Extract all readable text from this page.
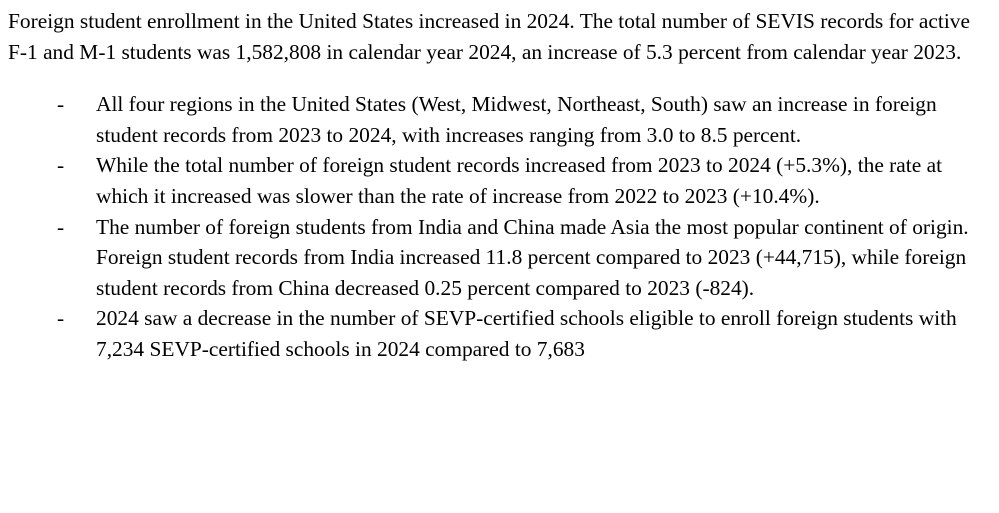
Foreign student enrollment in the United States increased in 2024. The total number of SEVIS records for active F-1 and M-1 students was 1,582,808 in calendar year 2024, an increase of 5.3 percent from calendar year 2023.

- All four regions in the United States (West, Midwest, Northeast, South) saw an increase in foreign student records from 2023 to 2024, with increases ranging from 3.0 to 8.5 percent.
- While the total number of foreign student records increased from 2023 to 2024 (+5.3%), the rate at which it increased was slower than the rate of increase from 2022 to 2023 (+10.4%).
- The number of foreign students from India and China made Asia the most popular continent of origin. Foreign student records from India increased 11.8 percent compared to 2023 (+44,715), while foreign student records from China decreased 0.25 percent compared to 2023 (-824).
- 2024 saw a decrease in the number of SEVP-certified schools eligible to enroll foreign students with 7,234 SEVP-certified schools in 2024 compared to 7,683
